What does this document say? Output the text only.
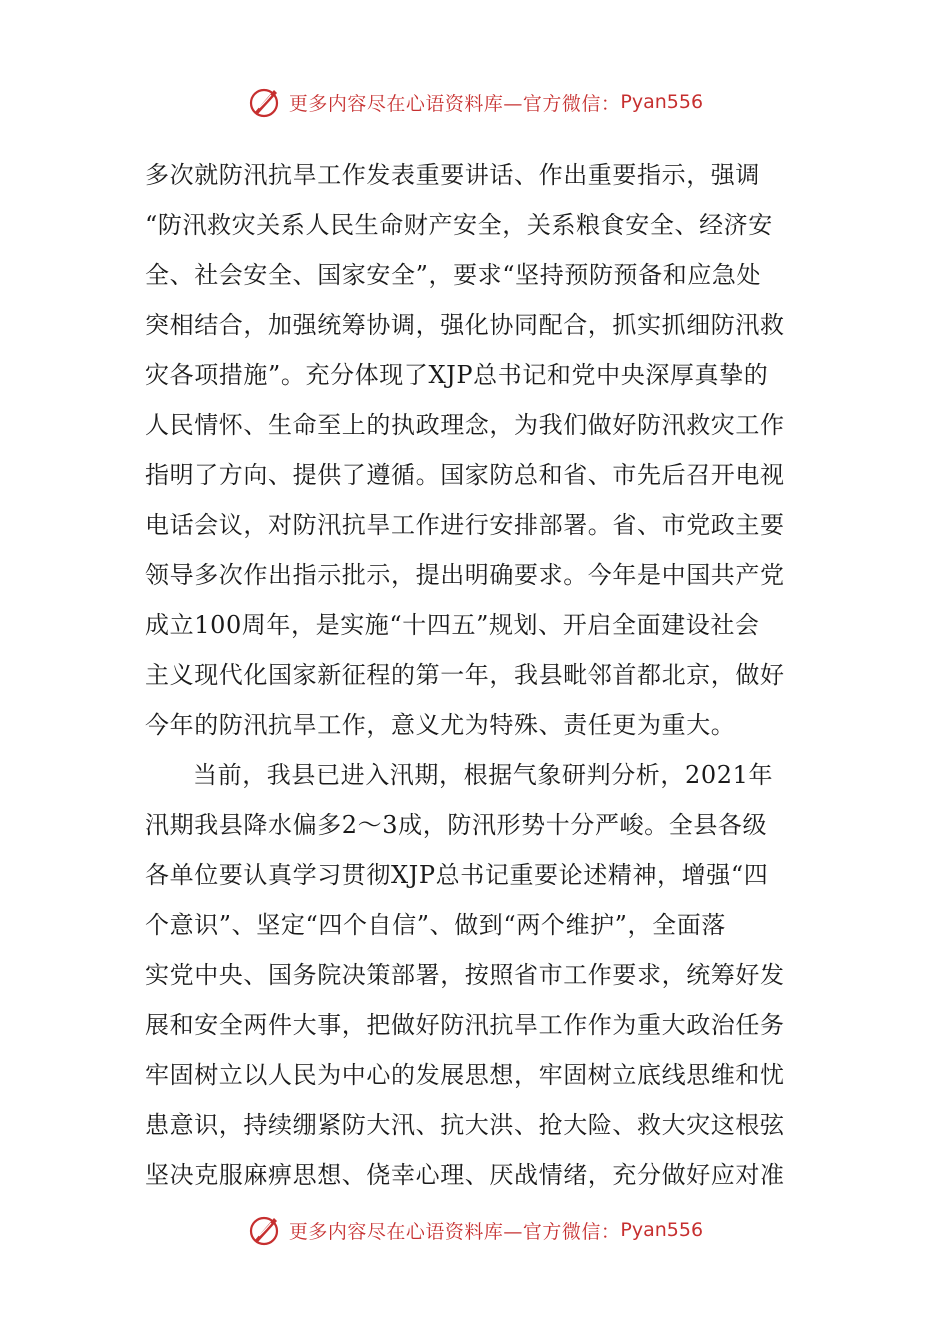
更多内容尽在心语资料库—官方微信： Pyan556
多次就防汛抗旱工作发表重要讲话、作出重要指示，强调
“防汛救灾关系人民生命财产安全，关系粮食安全、经济安
全、社会安全、国家安全”，要求“坚持预防预备和应急处
突相结合，加强统筹协调，强化协同配合，抓实抓细防汛救
灾各项措施”。充分体现了XJP总书记和党中央深厚真挚的
人民情怀、生命至上的执政理念，为我们做好防汛救灾工作
指明了方向、提供了遵循。国家防总和省、市先后召开电视
电话会议，对防汛抗旱工作进行安排部署。省、市党政主要
领导多次作出指示批示，提出明确要求。今年是中国共产党
成立100周年，是实施“十四五”规划、开启全面建设社会
主义现代化国家新征程的第一年，我县毗邻首都北京，做好
今年的防汛抗旱工作，意义尤为特殊、责任更为重大。
当前，我县已进入汛期，根据气象研判分析，2021年
汛期我县降水偏多2～3成，防汛形势十分严峻。全县各级
各单位要认真学习贯彻XJP总书记重要论述精神，增强“四
个意识”、坚定“四个自信”、做到“两个维护”，全面落
实党中央、国务院决策部署，按照省市工作要求，统筹好发
展和安全两件大事，把做好防汛抗旱工作作为重大政治任务
牢固树立以人民为中心的发展思想，牢固树立底线思维和忧
患意识，持续绷紧防大汛、抗大洪、抢大险、救大灾这根弦
坚决克服麻痹思想、侥幸心理、厌战情绪，充分做好应对准
更多内容尽在心语资料库—官方微信： Pyan556
